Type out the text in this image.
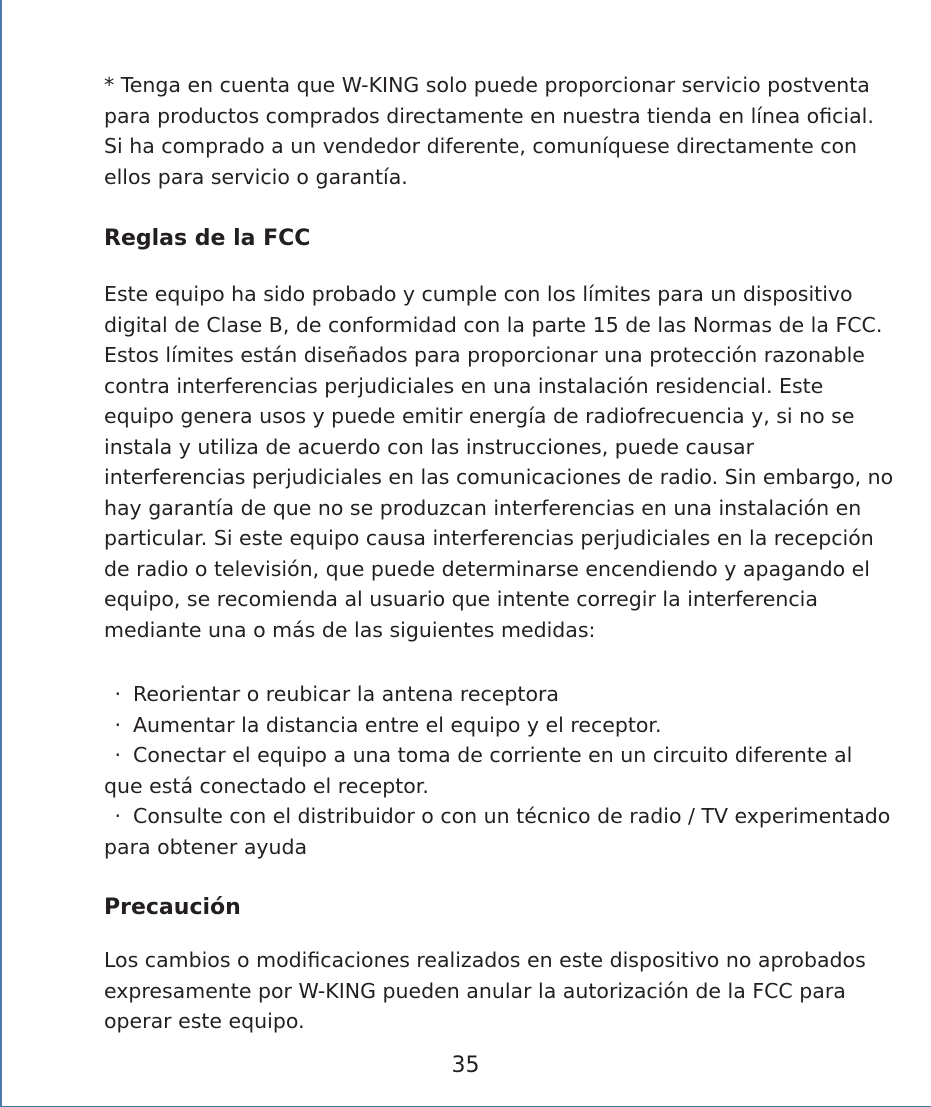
* Tenga en cuenta que W-KING solo puede proporcionar servicio postventa para productos comprados directamente en nuestra tienda en línea oficial. Si ha comprado a un vendedor diferente, comuníquese directamente con ellos para servicio o garantía.

Reglas de la FCC

Este equipo ha sido probado y cumple con los límites para un dispositivo digital de Clase B, de conformidad con la parte 15 de las Normas de la FCC. Estos límites están diseñados para proporcionar una protección razonable contra interferencias perjudiciales en una instalación residencial. Este equipo genera usos y puede emitir energía de radiofrecuencia y, si no se instala y utiliza de acuerdo con las instrucciones, puede causar interferencias perjudiciales en las comunicaciones de radio. Sin embargo, no hay garantía de que no se produzcan interferencias en una instalación en particular. Si este equipo causa interferencias perjudiciales en la recepción de radio o televisión, que puede determinarse encendiendo y apagando el equipo, se recomienda al usuario que intente corregir la interferencia mediante una o más de las siguientes medidas:

· Reorientar o reubicar la antena receptora
· Aumentar la distancia entre el equipo y el receptor.
· Conectar el equipo a una toma de corriente en un circuito diferente al que está conectado el receptor.
· Consulte con el distribuidor o con un técnico de radio / TV experimentado para obtener ayuda
Precaución

Los cambios o modificaciones realizados en este dispositivo no aprobados expresamente por W-KING pueden anular la autorización de la FCC para operar este equipo.

35
